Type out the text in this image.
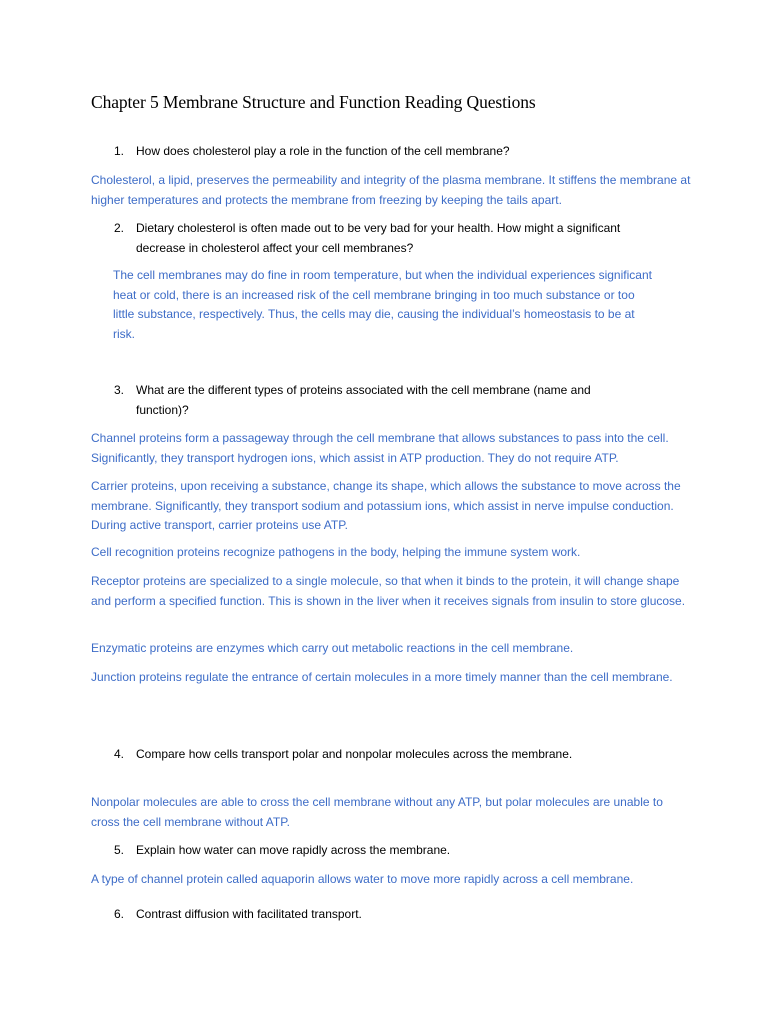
Chapter 5 Membrane Structure and Function Reading Questions
1. How does cholesterol play a role in the function of the cell membrane?
Cholesterol, a lipid, preserves the permeability and integrity of the plasma membrane. It stiffens the membrane at higher temperatures and protects the membrane from freezing by keeping the tails apart.
2. Dietary cholesterol is often made out to be very bad for your health. How might a significant decrease in cholesterol affect your cell membranes?
The cell membranes may do fine in room temperature, but when the individual experiences significant heat or cold, there is an increased risk of the cell membrane bringing in too much substance or too little substance, respectively. Thus, the cells may die, causing the individual’s homeostasis to be at risk.
3. What are the different types of proteins associated with the cell membrane (name and function)?
Channel proteins form a passageway through the cell membrane that allows substances to pass into the cell. Significantly, they transport hydrogen ions, which assist in ATP production. They do not require ATP.
Carrier proteins, upon receiving a substance, change its shape, which allows the substance to move across the membrane. Significantly, they transport sodium and potassium ions, which assist in nerve impulse conduction. During active transport, carrier proteins use ATP.
Cell recognition proteins recognize pathogens in the body, helping the immune system work.
Receptor proteins are specialized to a single molecule, so that when it binds to the protein, it will change shape and perform a specified function. This is shown in the liver when it receives signals from insulin to store glucose.
Enzymatic proteins are enzymes which carry out metabolic reactions in the cell membrane.
Junction proteins regulate the entrance of certain molecules in a more timely manner than the cell membrane.
4. Compare how cells transport polar and nonpolar molecules across the membrane.
Nonpolar molecules are able to cross the cell membrane without any ATP, but polar molecules are unable to cross the cell membrane without ATP.
5. Explain how water can move rapidly across the membrane.
A type of channel protein called aquaporin allows water to move more rapidly across a cell membrane.
6. Contrast diffusion with facilitated transport.
